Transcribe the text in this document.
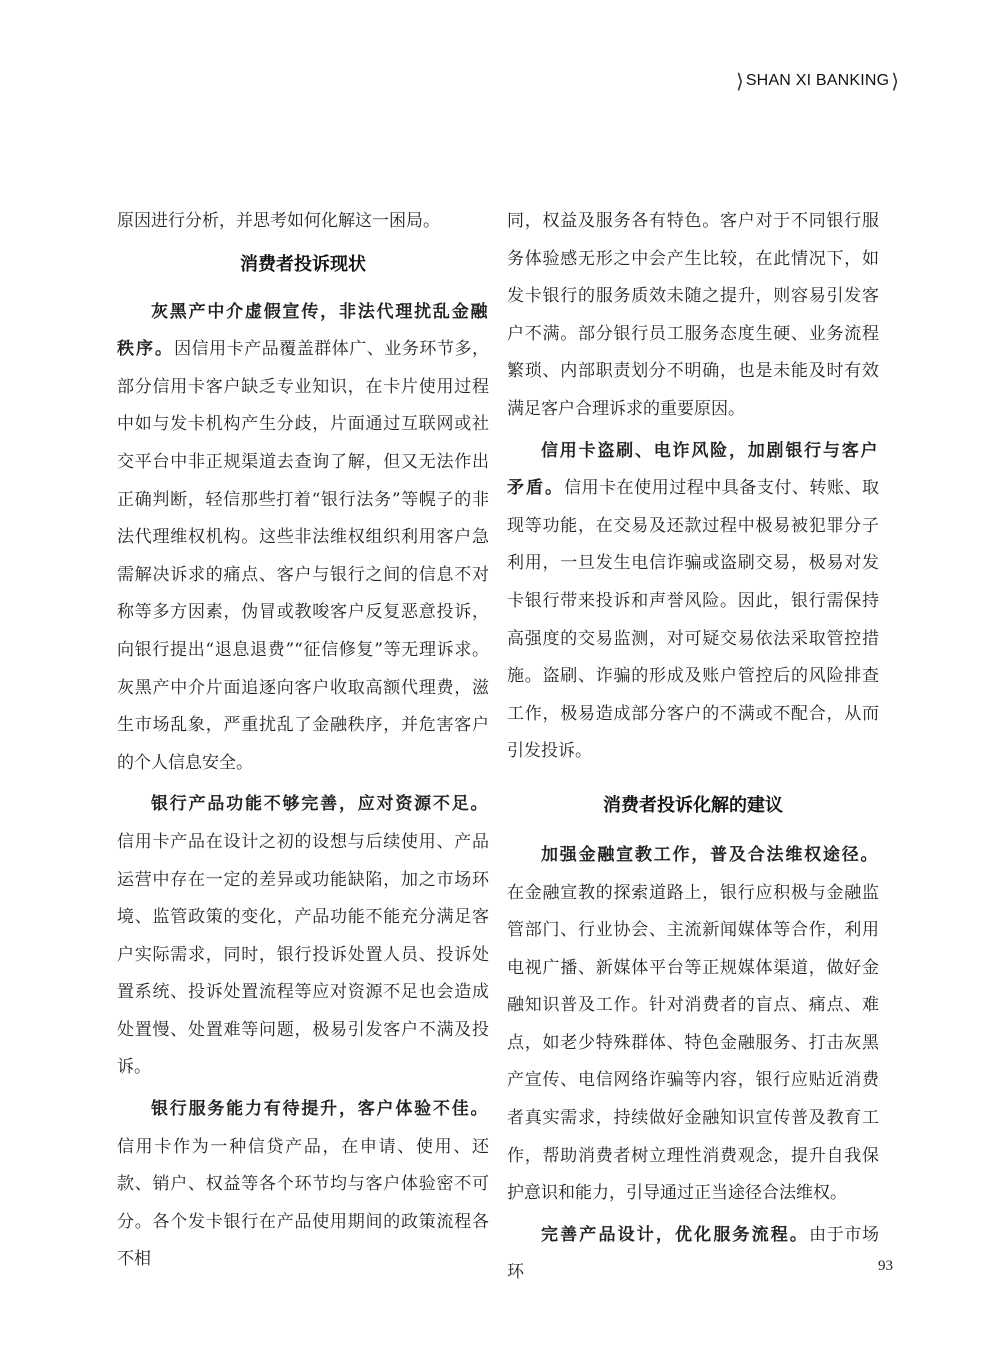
⟩ SHAN XI BANKING ⟩

原因进行分析，并思考如何化解这一困局。

消费者投诉现状

灰黑产中介虚假宣传，非法代理扰乱金融秩序。因信用卡产品覆盖群体广、业务环节多，部分信用卡客户缺乏专业知识，在卡片使用过程中如与发卡机构产生分歧，片面通过互联网或社交平台中非正规渠道去查询了解，但又无法作出正确判断，轻信那些打着“银行法务”等幌子的非法代理维权机构。这些非法维权组织利用客户急需解决诉求的痛点、客户与银行之间的信息不对称等多方因素，伪冒或教唆客户反复恶意投诉，向银行提出“退息退费”“征信修复”等无理诉求。灰黑产中介片面追逐向客户收取高额代理费，滋生市场乱象，严重扰乱了金融秩序，并危害客户的个人信息安全。

银行产品功能不够完善，应对资源不足。信用卡产品在设计之初的设想与后续使用、产品运营中存在一定的差异或功能缺陷，加之市场环境、监管政策的变化，产品功能不能充分满足客户实际需求，同时，银行投诉处置人员、投诉处置系统、投诉处置流程等应对资源不足也会造成处置慢、处置难等问题，极易引发客户不满及投诉。

银行服务能力有待提升，客户体验不佳。信用卡作为一种信贷产品，在申请、使用、还款、销户、权益等各个环节均与客户体验密不可分。各个发卡银行在产品使用期间的政策流程各不相

同，权益及服务各有特色。客户对于不同银行服务体验感无形之中会产生比较，在此情况下，如发卡银行的服务质效未随之提升，则容易引发客户不满。部分银行员工服务态度生硬、业务流程繁琐、内部职责划分不明确，也是未能及时有效满足客户合理诉求的重要原因。

信用卡盗刷、电诈风险，加剧银行与客户矛盾。信用卡在使用过程中具备支付、转账、取现等功能，在交易及还款过程中极易被犯罪分子利用，一旦发生电信诈骗或盗刷交易，极易对发卡银行带来投诉和声誉风险。因此，银行需保持高强度的交易监测，对可疑交易依法采取管控措施。盗刷、诈骗的形成及账户管控后的风险排查工作，极易造成部分客户的不满或不配合，从而引发投诉。

消费者投诉化解的建议

加强金融宣教工作，普及合法维权途径。在金融宣教的探索道路上，银行应积极与金融监管部门、行业协会、主流新闻媒体等合作，利用电视广播、新媒体平台等正规媒体渠道，做好金融知识普及工作。针对消费者的盲点、痛点、难点，如老少特殊群体、特色金融服务、打击灰黑产宣传、电信网络诈骗等内容，银行应贴近消费者真实需求，持续做好金融知识宣传普及教育工作，帮助消费者树立理性消费观念，提升自我保护意识和能力，引导通过正当途径合法维权。

完善产品设计，优化服务流程。由于市场环	93
